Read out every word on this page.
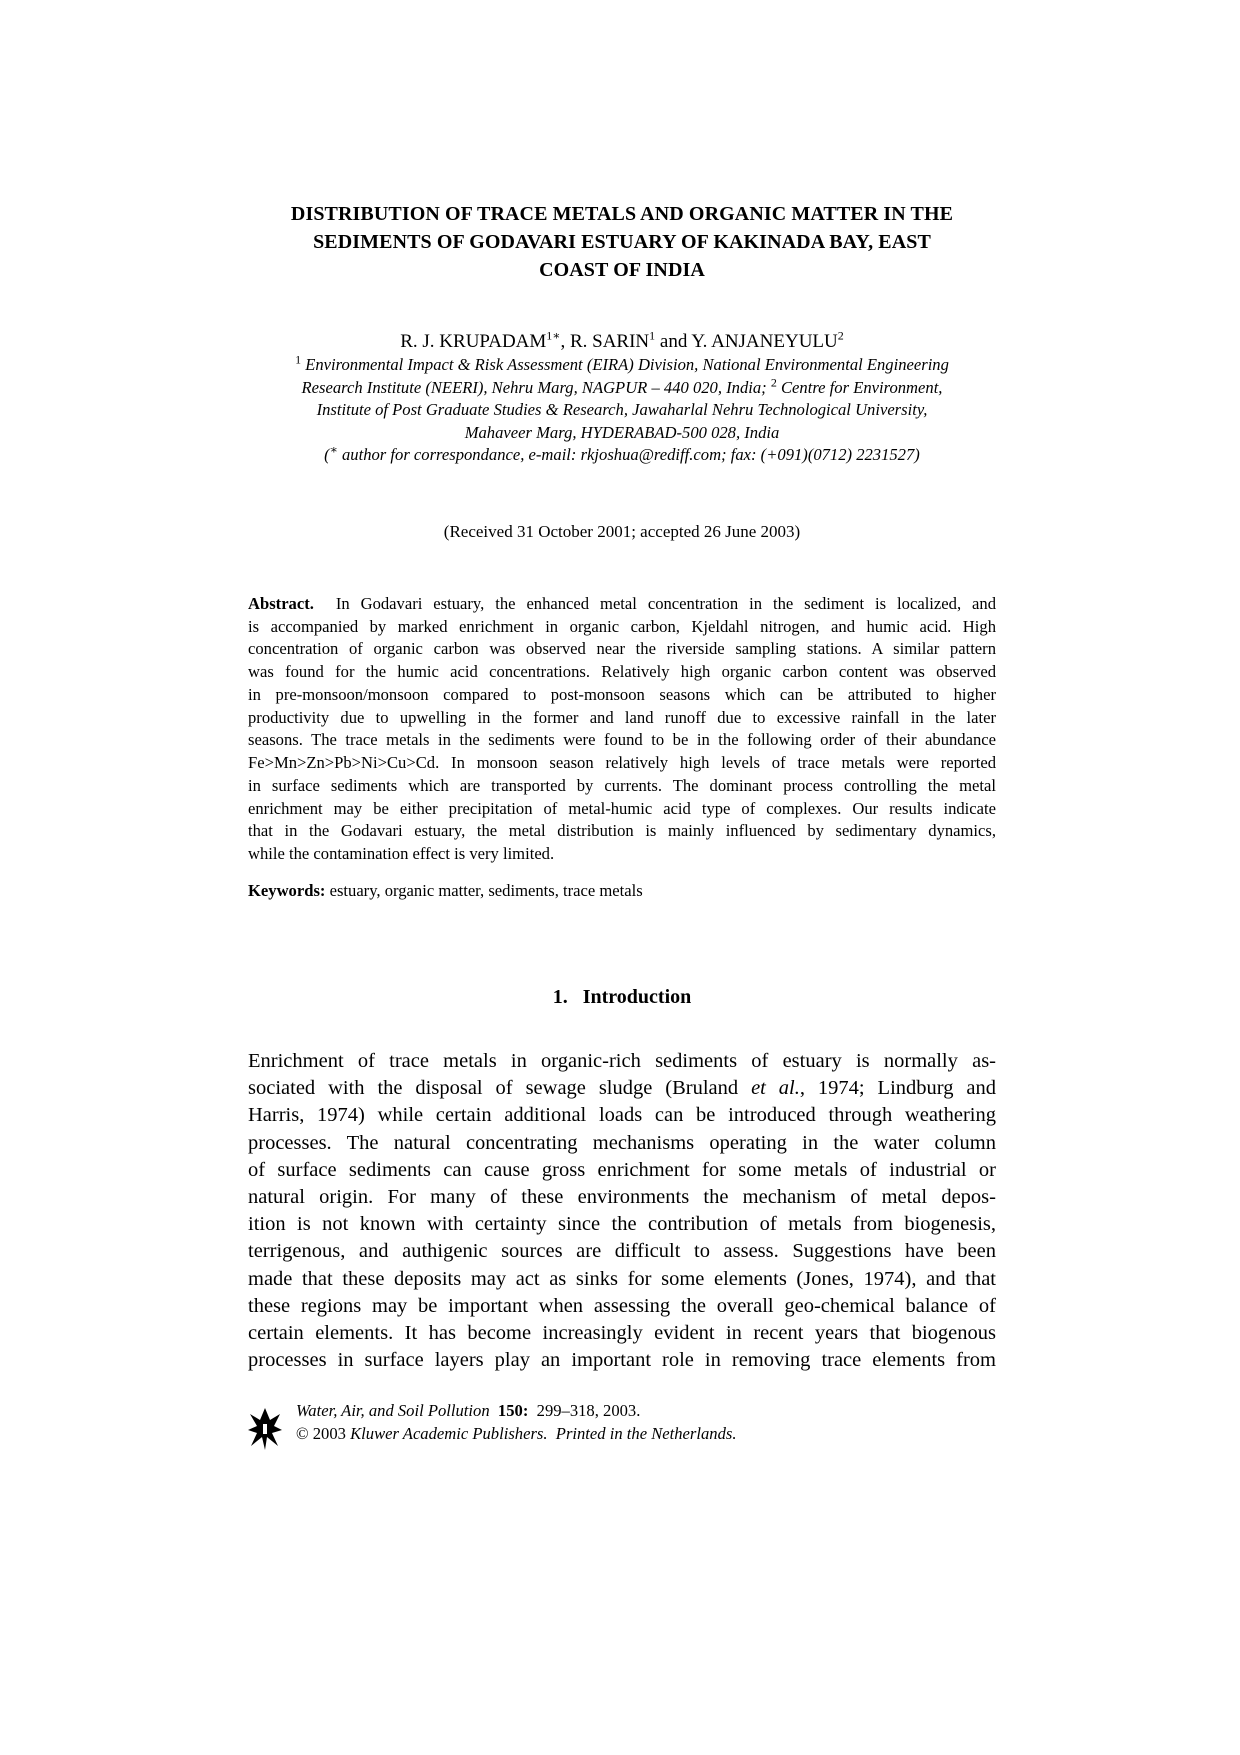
DISTRIBUTION OF TRACE METALS AND ORGANIC MATTER IN THE
SEDIMENTS OF GODAVARI ESTUARY OF KAKINADA BAY, EAST
COAST OF INDIA
R. J. $KRUPADAM^{1∗}$, R. SARIN$^1$ and Y. ANJANEYULU$^2$
$^1$ Environmental Impact & Risk Assessment (EIRA) Division, National Environmental Engineering
Research Institute (NEERI), Nehru Marg, NAGPUR – 440 020, India; $^2$ Centre for Environment,
Institute of Post Graduate Studies & Research, Jawaharlal Nehru Technological University,
Mahaveer Marg, HYDERABAD-500 028, India
(∗ author for correspondance, e-mail: rkjoshua@rediff.com; fax: (+091)(0712) 2231527)
(Received 31 October 2001; accepted 26 June 2003)
Abstract. In Godavari estuary, the enhanced metal concentration in the sediment is localized, and
is accompanied by marked enrichment in organic carbon, Kjeldahl nitrogen, and humic acid. High
concentration of organic carbon was observed near the riverside sampling stations. A similar pattern
was found for the humic acid concentrations. Relatively high organic carbon content was observed
in pre-monsoon/monsoon compared to post-monsoon seasons which can be attributed to higher
productivity due to upwelling in the former and land runoff due to excessive rainfall in the later
seasons. The trace metals in the sediments were found to be in the following order of their abundance
Fe>Mn>Zn>Pb>Ni>Cu>Cd. In monsoon season relatively high levels of trace metals were reported
in surface sediments which are transported by currents. The dominant process controlling the metal
enrichment may be either precipitation of metal-humic acid type of complexes. Our results indicate
that in the Godavari estuary, the metal distribution is mainly influenced by sedimentary dynamics,
while the contamination effect is very limited.
Keywords: estuary, organic matter, sediments, trace metals
1.   Introduction
Enrichment of trace metals in organic-rich sediments of estuary is normally as-
sociated with the disposal of sewage sludge (Bruland et al., 1974; Lindburg and
Harris, 1974) while certain additional loads can be introduced through weathering
processes. The natural concentrating mechanisms operating in the water column
of surface sediments can cause gross enrichment for some metals of industrial or
natural origin. For many of these environments the mechanism of metal depos-
ition is not known with certainty since the contribution of metals from biogenesis,
terrigenous, and authigenic sources are difficult to assess. Suggestions have been
made that these deposits may act as sinks for some elements (Jones, 1974), and that
these regions may be important when assessing the overall geo-chemical balance of
certain elements. It has become increasingly evident in recent years that biogenous
processes in surface layers play an important role in removing trace elements from
Water, Air, and Soil Pollution 150: 299–318, 2003.
© 2003 Kluwer Academic Publishers.  Printed in the Netherlands.
